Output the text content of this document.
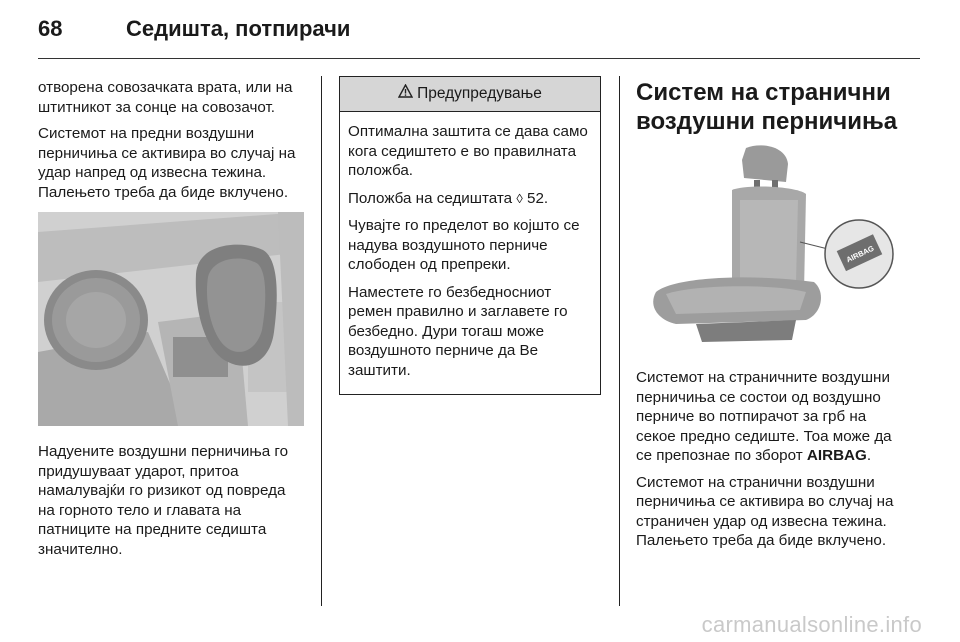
68	Седишта, потпирачи

отворена совозачката врата, или на штитникот за сонце на совозачот.

Системот на предни воздушни перничиња се активира во случај на удар напред од извесна тежина. Палењето треба да биде вклучено.

Надуените воздушни перничиња го придушуваат ударот, притоа намалувајќи го ризикот од повреда на горното тело и главата на патниците на предните седишта значително.

Предупредување

Оптимална заштита се дава само кога седиштето е во правилната положба.

Положба на седиштата ◊ 52.

Чувајте го пределот во којшто се надува воздушното перниче слободен од препреки.

Наместете го безбедносниот ремен правилно и заглавете го безбедно. Дури тогаш може воздушното перниче да Ве заштити.

Систем на странични воздушни перничиња
AIRBAG

Системот на страничните воздушни перничиња се состои од воздушно перниче во потпирачот за грб на секое предно седиште. Тоа може да се препознае по зборот AIRBAG.

Системот на странични воздушни перничиња се активира во случај на страничен удар од извесна тежина. Палењето треба да биде вклучено.

carmanualsonline.info
